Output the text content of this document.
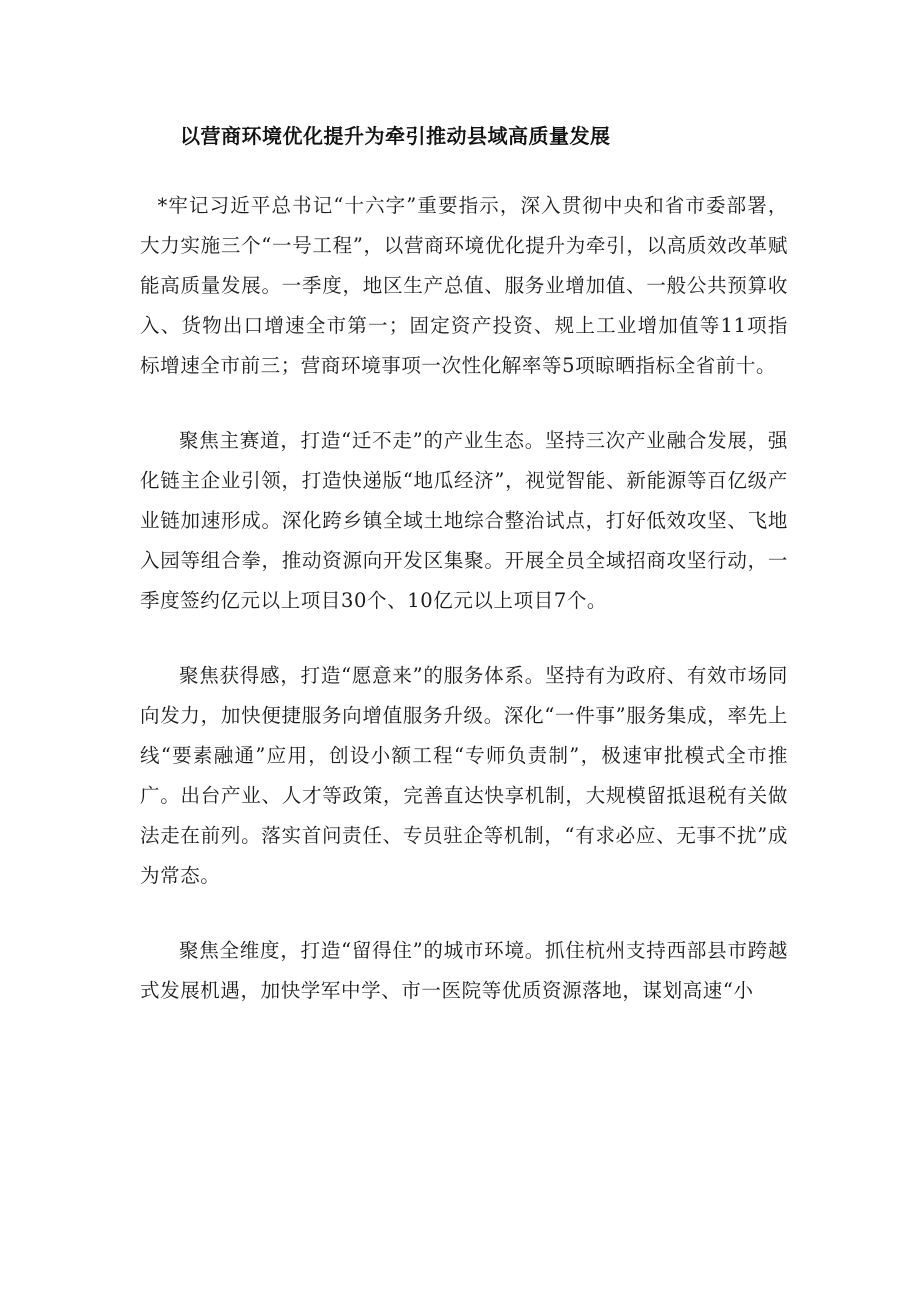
以营商环境优化提升为牵引推动县域高质量发展

*牢记习近平总书记“十六字”重要指示，深入贯彻中央和省市委部署，大力实施三个“一号工程”，以营商环境优化提升为牵引，以高质效改革赋能高质量发展。一季度，地区生产总值、服务业增加值、一般公共预算收入、货物出口增速全市第一；固定资产投资、规上工业增加值等11项指标增速全市前三；营商环境事项一次性化解率等5项晾晒指标全省前十。

聚焦主赛道，打造“迁不走”的产业生态。坚持三次产业融合发展，强化链主企业引领，打造快递版“地瓜经济”，视觉智能、新能源等百亿级产业链加速形成。深化跨乡镇全域土地综合整治试点，打好低效攻坚、飞地入园等组合拳，推动资源向开发区集聚。开展全员全域招商攻坚行动，一季度签约亿元以上项目30个、10亿元以上项目7个。

聚焦获得感，打造“愿意来”的服务体系。坚持有为政府、有效市场同向发力，加快便捷服务向增值服务升级。深化“一件事”服务集成，率先上线“要素融通”应用，创设小额工程“专师负责制”，极速审批模式全市推广。出台产业、人才等政策，完善直达快享机制，大规模留抵退税有关做法走在前列。落实首问责任、专员驻企等机制，“有求必应、无事不扰”成为常态。

聚焦全维度，打造“留得住”的城市环境。抓住杭州支持西部县市跨越式发展机遇，加快学军中学、市一医院等优质资源落地，谋划高速“小
